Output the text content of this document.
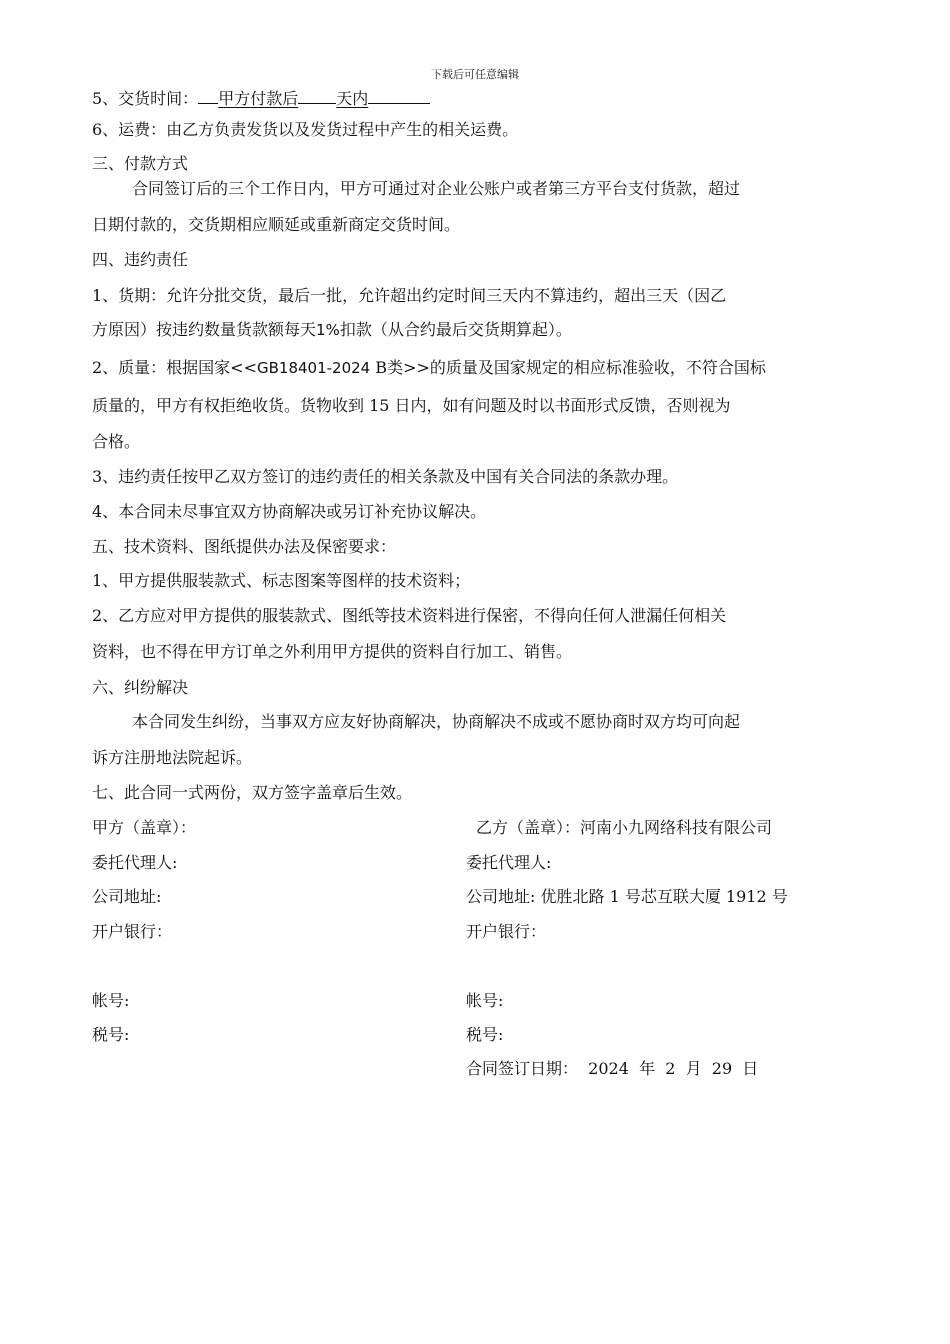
下载后可任意编辑
5、交货时间： 甲方付款后 天内
6、运费：由乙方负责发货以及发货过程中产生的相关运费。
三、付款方式
合同签订后的三个工作日内，甲方可通过对企业公账户或者第三方平台支付货款，超过
日期付款的，交货期相应顺延或重新商定交货时间。
四、违约责任
1、货期：允许分批交货，最后一批，允许超出约定时间三天内不算违约，超出三天（因乙
方原因）按违约数量货款额每天1%扣款（从合约最后交货期算起）。
2、质量：根据国家<<GB18401-2024 B类>>的质量及国家规定的相应标准验收，不符合国标
质量的，甲方有权拒绝收货。货物收到 15 日内，如有问题及时以书面形式反馈，否则视为
合格。
3、违约责任按甲乙双方签订的违约责任的相关条款及中国有关合同法的条款办理。
4、本合同未尽事宜双方协商解决或另订补充协议解决。
五、技术资料、图纸提供办法及保密要求：
1、甲方提供服装款式、标志图案等图样的技术资料；
2、乙方应对甲方提供的服装款式、图纸等技术资料进行保密，不得向任何人泄漏任何相关
资料，也不得在甲方订单之外利用甲方提供的资料自行加工、销售。
六、纠纷解决
本合同发生纠纷，当事双方应友好协商解决，协商解决不成或不愿协商时双方均可向起
诉方注册地法院起诉。
七、此合同一式两份，双方签字盖章后生效。
甲方（盖章）：	乙方（盖章）：河南小九网络科技有限公司
委托代理人:	委托代理人:
公司地址:	公司地址: 优胜北路 1 号芯互联大厦 1912 号
开户银行：	开户银行：
帐号:	帐号:
税号:	税号:
合同签订日期：  2024  年  2  月  29  日
